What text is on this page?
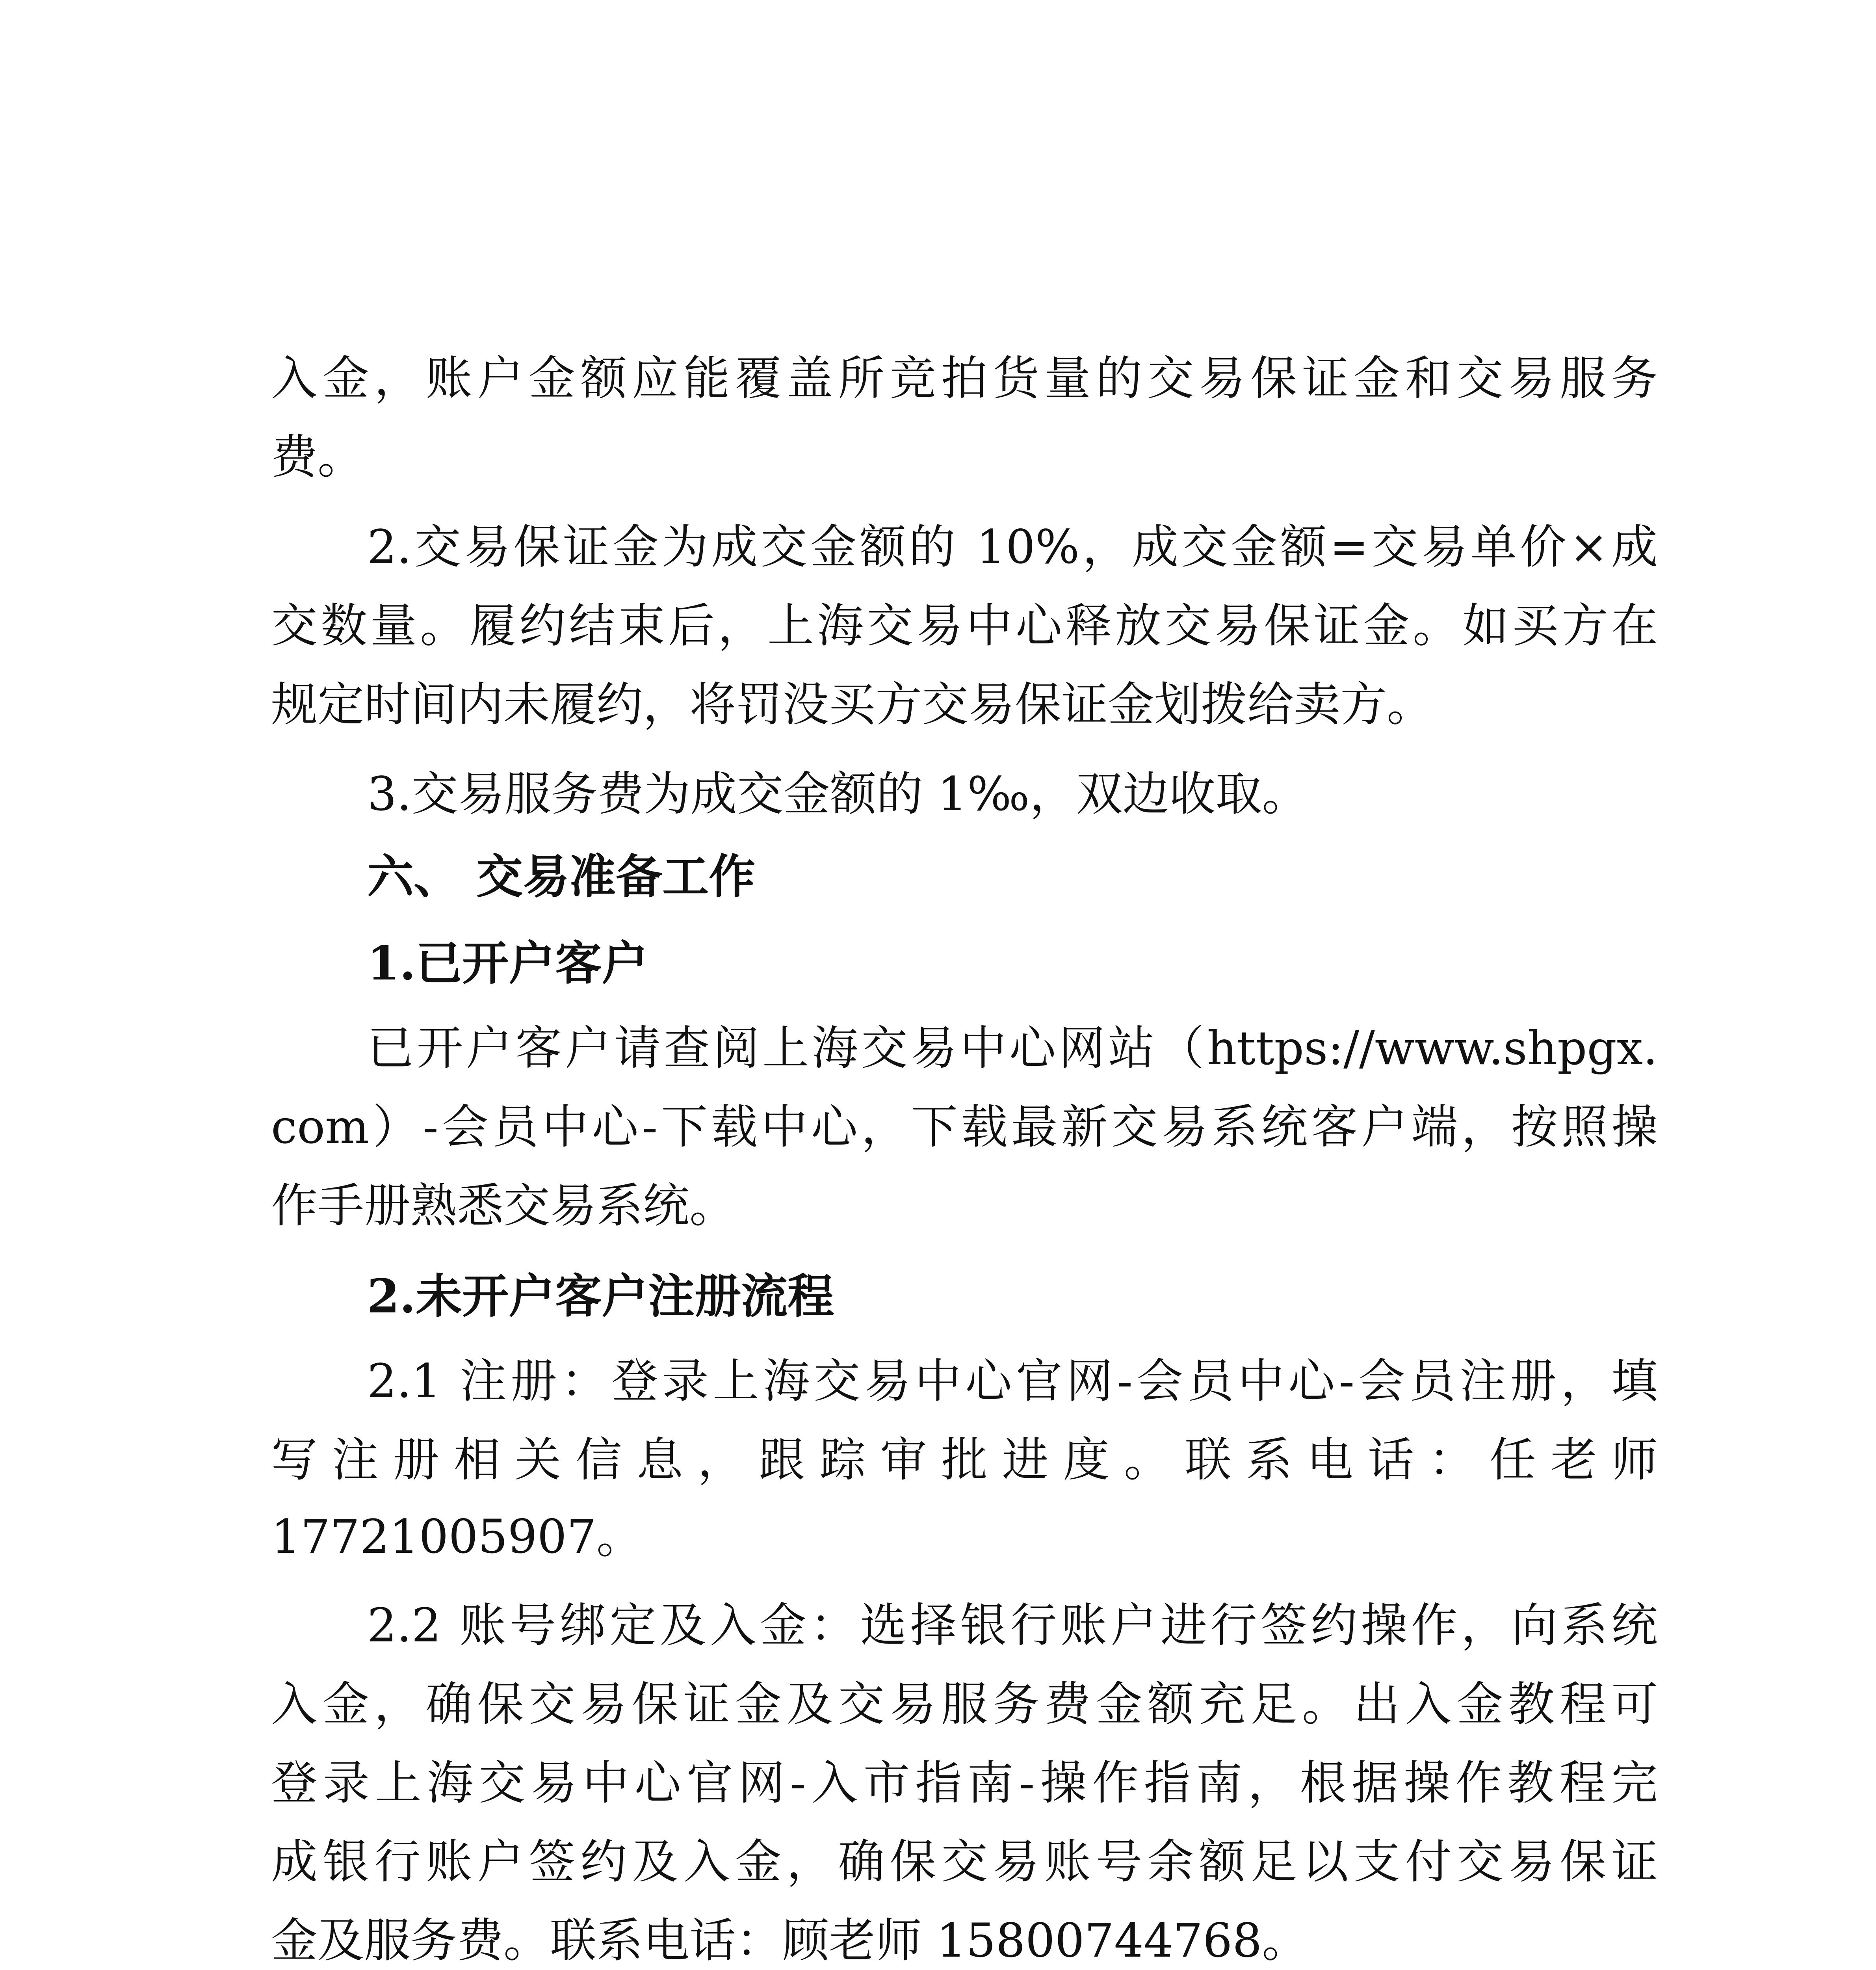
入金，账户金额应能覆盖所竞拍货量的交易保证金和交易服务
费。
2.交易保证金为成交金额的 10%，成交金额=交易单价×成
交数量。履约结束后，上海交易中心释放交易保证金。如买方在
规定时间内未履约，将罚没买方交易保证金划拨给卖方。
3.交易服务费为成交金额的 1‰，双边收取。
六、 交易准备工作
1.已开户客户
已开户客户请查阅上海交易中心网站（https://www.shpgx.
com）-会员中心-下载中心，下载最新交易系统客户端，按照操
作手册熟悉交易系统。
2.未开户客户注册流程
2.1 注册：登录上海交易中心官网-会员中心-会员注册，填
写注册相关信息，跟踪审批进度。联系电话：任老师
17721005907。
2.2 账号绑定及入金：选择银行账户进行签约操作，向系统
入金，确保交易保证金及交易服务费金额充足。出入金教程可
登录上海交易中心官网-入市指南-操作指南，根据操作教程完
成银行账户签约及入金，确保交易账号余额足以支付交易保证
金及服务费。联系电话：顾老师 15800744768。
